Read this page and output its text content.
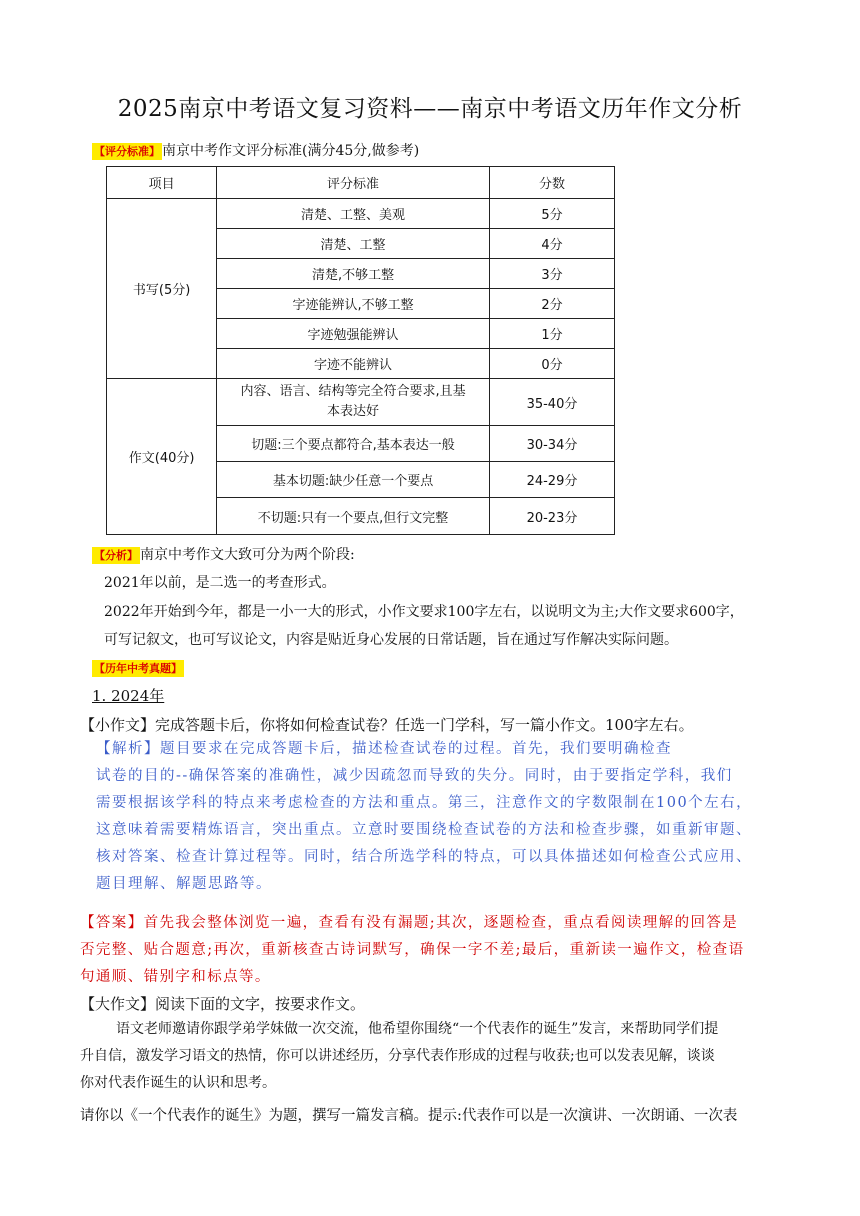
2025南京中考语文复习资料——南京中考语文历年作文分析
【评分标准】 南京中考作文评分标准(满分45分,做参考)
项目	评分标准	分数
书写(5分)	清楚、工整、美观	5分
	清楚、工整	4分
	清楚,不够工整	3分
	字迹能辨认,不够工整	2分
	字迹勉强能辨认	1分
	字迹不能辨认	0分
作文(40分)	内容、语言、结构等完全符合要求,且基
本表达好	35-40分
	切题:三个要点都符合,基本表达一般	30-34分
	基本切题:缺少任意一个要点	24-29分
	不切题:只有一个要点,但行文完整	20-23分
【分析】 南京中考作文大致可分为两个阶段:
2021年以前，是二选一的考查形式。
2022年开始到今年，都是一小一大的形式，小作文要求100字左右，以说明文为主;大作文要求600字，
可写记叙文，也可写议论文，内容是贴近身心发展的日常话题，旨在通过写作解决实际问题。
【历年中考真题】
1. 2024年
【小作文】完成答题卡后，你将如何检查试卷？任选一门学科，写一篇小作文。100字左右。
【解析】题目要求在完成答题卡后，描述检查试卷的过程。首先，我们要明确检查
试卷的目的--确保答案的准确性，减少因疏忽而导致的失分。同时，由于要指定学科，我们
需要根据该学科的特点来考虑检查的方法和重点。第三，注意作文的字数限制在100个左右，
这意味着需要精炼语言，突出重点。立意时要围绕检查试卷的方法和检查步骤，如重新审题、
核对答案、检查计算过程等。同时，结合所选学科的特点，可以具体描述如何检查公式应用、
题目理解、解题思路等。
【答案】首先我会整体浏览一遍，查看有没有漏题;其次，逐题检查，重点看阅读理解的回答是
否完整、贴合题意;再次，重新核查古诗词默写，确保一字不差;最后，重新读一遍作文，检查语
句通顺、错别字和标点等。
【大作文】阅读下面的文字，按要求作文。
语文老师邀请你跟学弟学妹做一次交流，他希望你围绕“一个代表作的诞生”发言，来帮助同学们提
升自信，激发学习语文的热情，你可以讲述经历，分享代表作形成的过程与收获;也可以发表见解，谈谈
你对代表作诞生的认识和思考。
请你以《一个代表作的诞生》为题，撰写一篇发言稿。提示:代表作可以是一次演讲、一次朗诵、一次表
